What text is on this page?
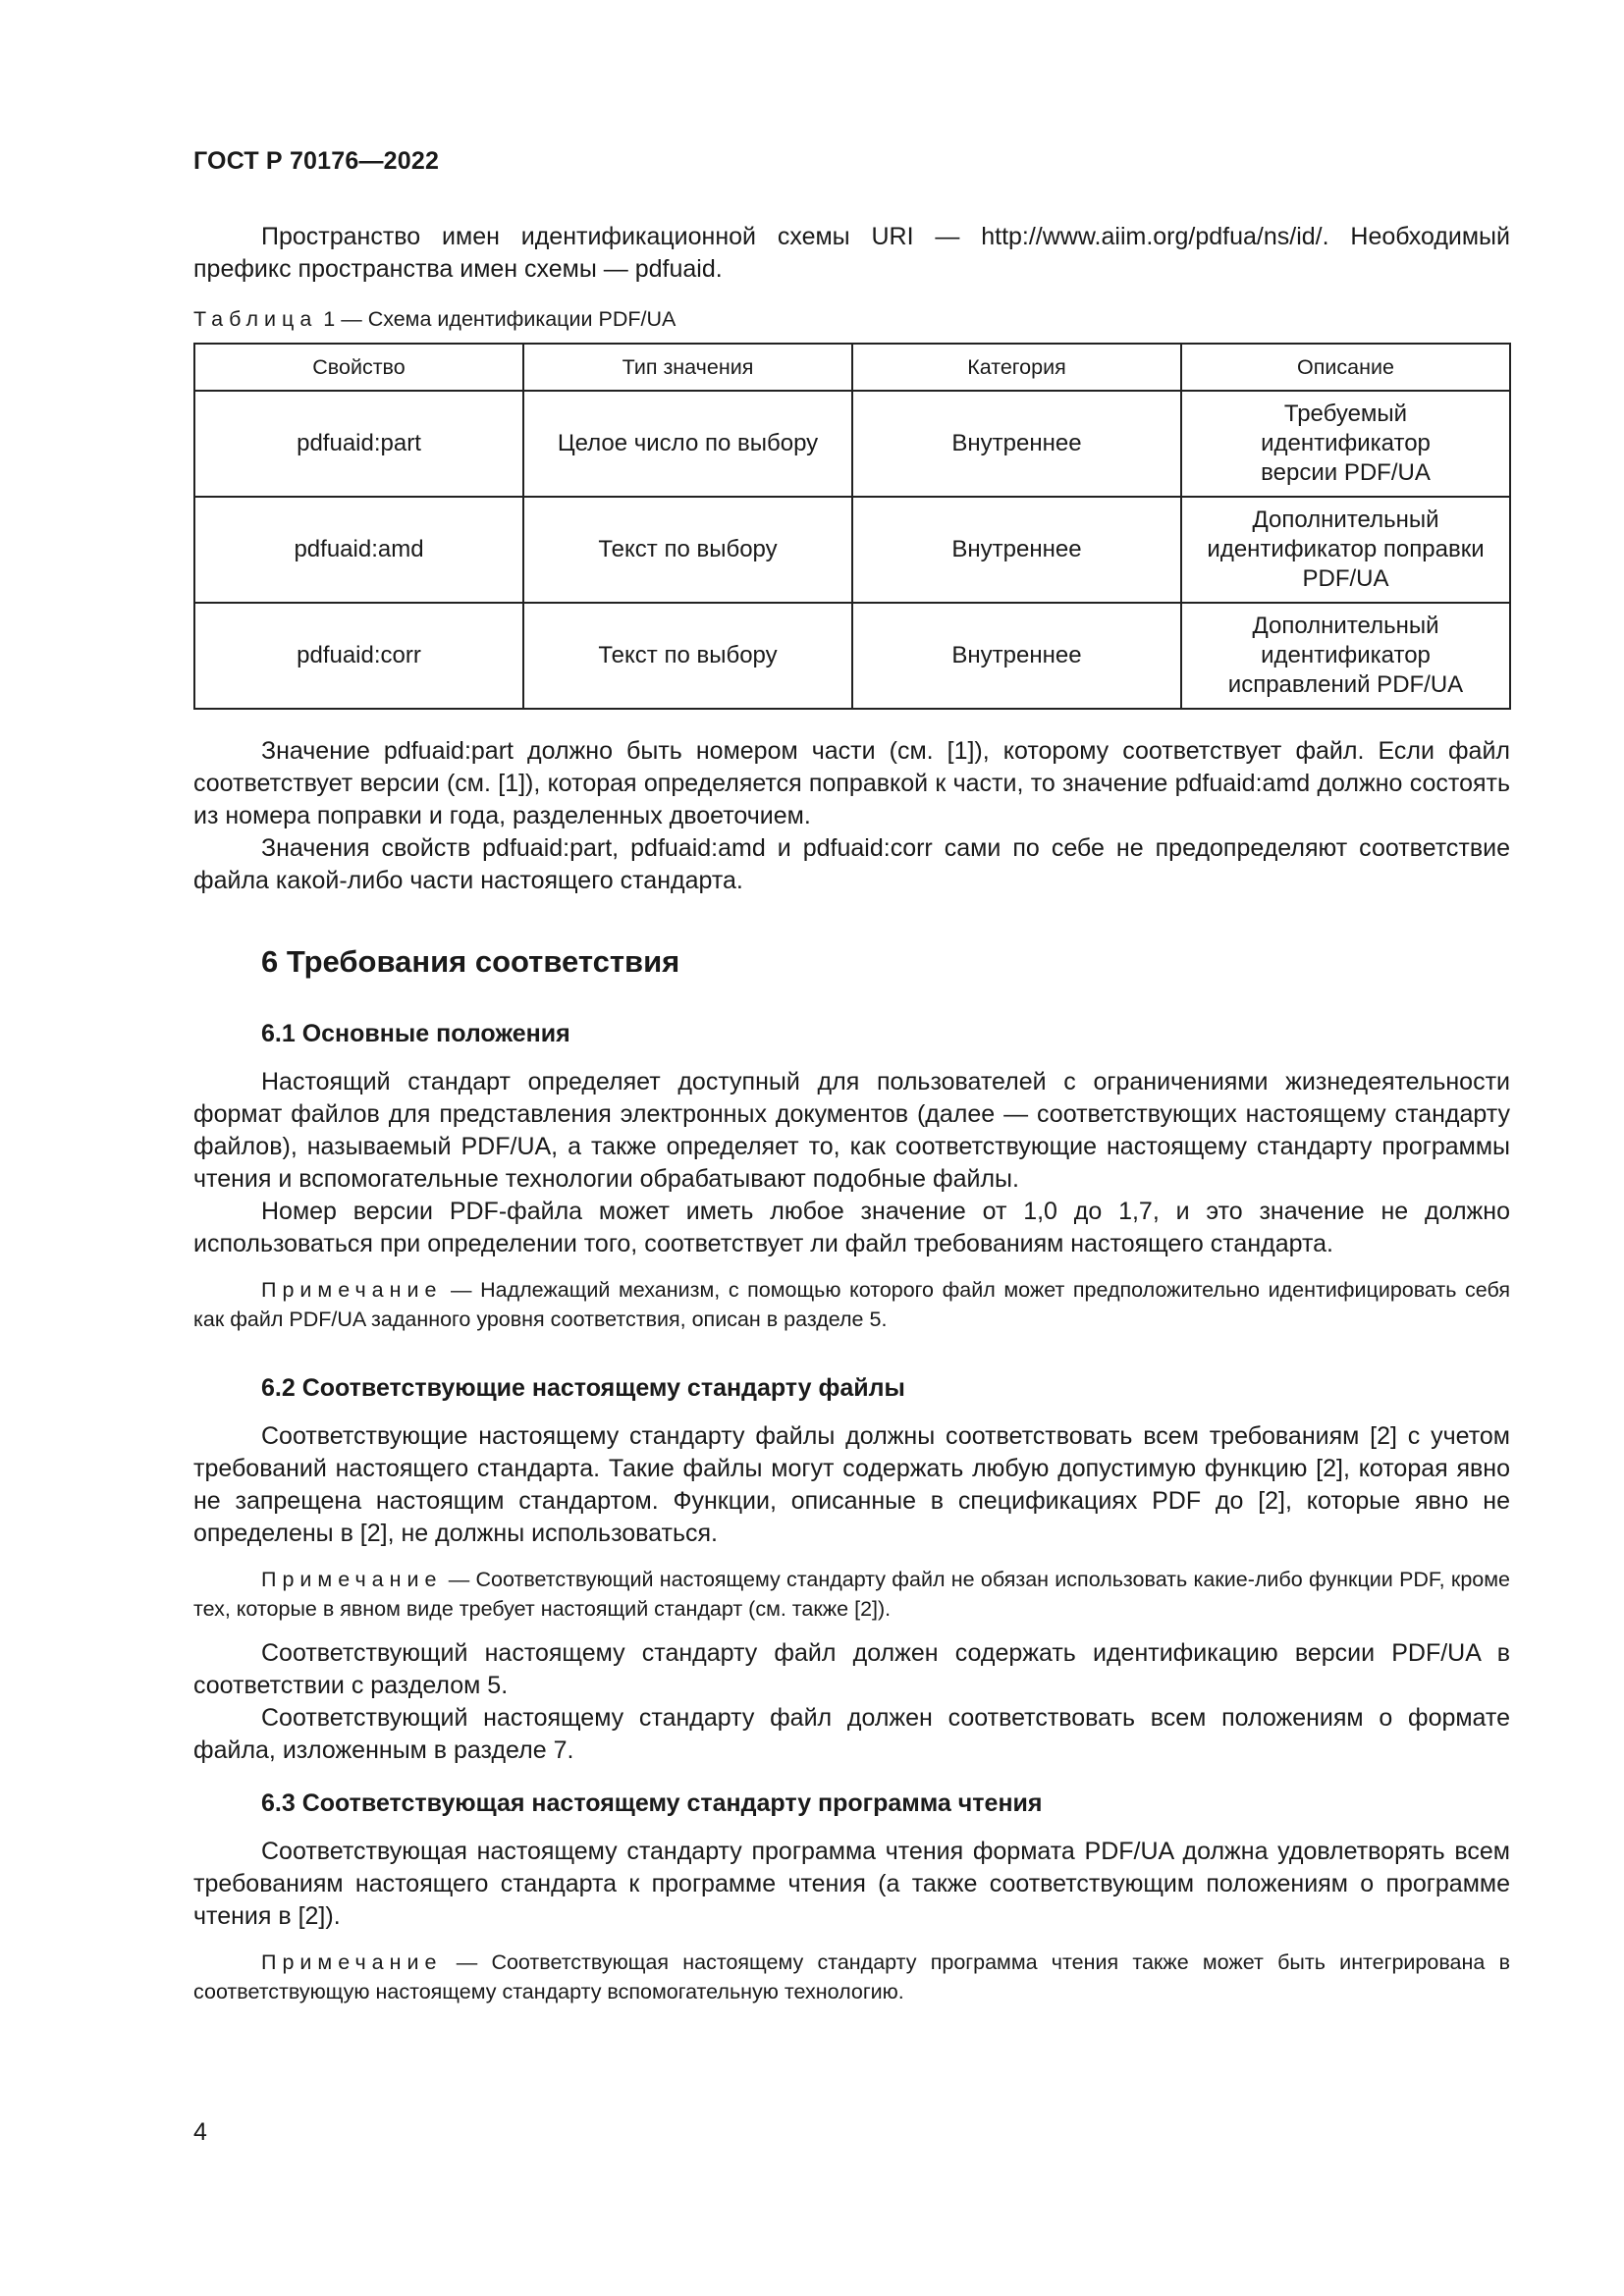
ГОСТ Р 70176—2022

Пространство имен идентификационной схемы URI — http://www.aiim.org/pdfua/ns/id/. Необходимый префикс пространства имен схемы — pdfuaid.

Таблица 1 — Схема идентификации PDF/UA
Свойство	Тип значения	Категория	Описание
pdfuaid:part	Целое число по выбору	Внутреннее	Требуемый идентификатор версии PDF/UA

pdfuaid:amd	Текст по выбору	Внутреннее	Дополнительный идентификатор поправки PDF/UA

pdfuaid:corr	Текст по выбору	Внутреннее	Дополнительный идентификатор исправлений PDF/UA

Значение pdfuaid:part должно быть номером части (см. [1]), которому соответствует файл. Если файл соответствует версии (см. [1]), которая определяется поправкой к части, то значение pdfuaid:amd должно состоять из номера поправки и года, разделенных двоеточием.

Значения свойств pdfuaid:part, pdfuaid:amd и pdfuaid:corr сами по себе не предопределяют соответствие файла какой-либо части настоящего стандарта.

6 Требования соответствия
6.1 Основные положения

Настоящий стандарт определяет доступный для пользователей с ограничениями жизнедеятельности формат файлов для представления электронных документов (далее — соответствующих настоящему стандарту файлов), называемый PDF/UA, а также определяет то, как соответствующие настоящему стандарту программы чтения и вспомогательные технологии обрабатывают подобные файлы.

Номер версии PDF-файла может иметь любое значение от 1,0 до 1,7, и это значение не должно использоваться при определении того, соответствует ли файл требованиям настоящего стандарта.

Примечание — Надлежащий механизм, с помощью которого файл может предположительно идентифицировать себя как файл PDF/UA заданного уровня соответствия, описан в разделе 5.

6.2 Соответствующие настоящему стандарту файлы

Соответствующие настоящему стандарту файлы должны соответствовать всем требованиям [2] с учетом требований настоящего стандарта. Такие файлы могут содержать любую допустимую функцию [2], которая явно не запрещена настоящим стандартом. Функции, описанные в спецификациях PDF до [2], которые явно не определены в [2], не должны использоваться.

Примечание — Соответствующий настоящему стандарту файл не обязан использовать какие-либо функции PDF, кроме тех, которые в явном виде требует настоящий стандарт (см. также [2]).

Соответствующий настоящему стандарту файл должен содержать идентификацию версии PDF/UA в соответствии с разделом 5.

Соответствующий настоящему стандарту файл должен соответствовать всем положениям о формате файла, изложенным в разделе 7.

6.3 Соответствующая настоящему стандарту программа чтения

Соответствующая настоящему стандарту программа чтения формата PDF/UA должна удовлетворять всем требованиям настоящего стандарта к программе чтения (а также соответствующим положениям о программе чтения в [2]).

Примечание — Соответствующая настоящему стандарту программа чтения также может быть интегрирована в соответствующую настоящему стандарту вспомогательную технологию.

4
